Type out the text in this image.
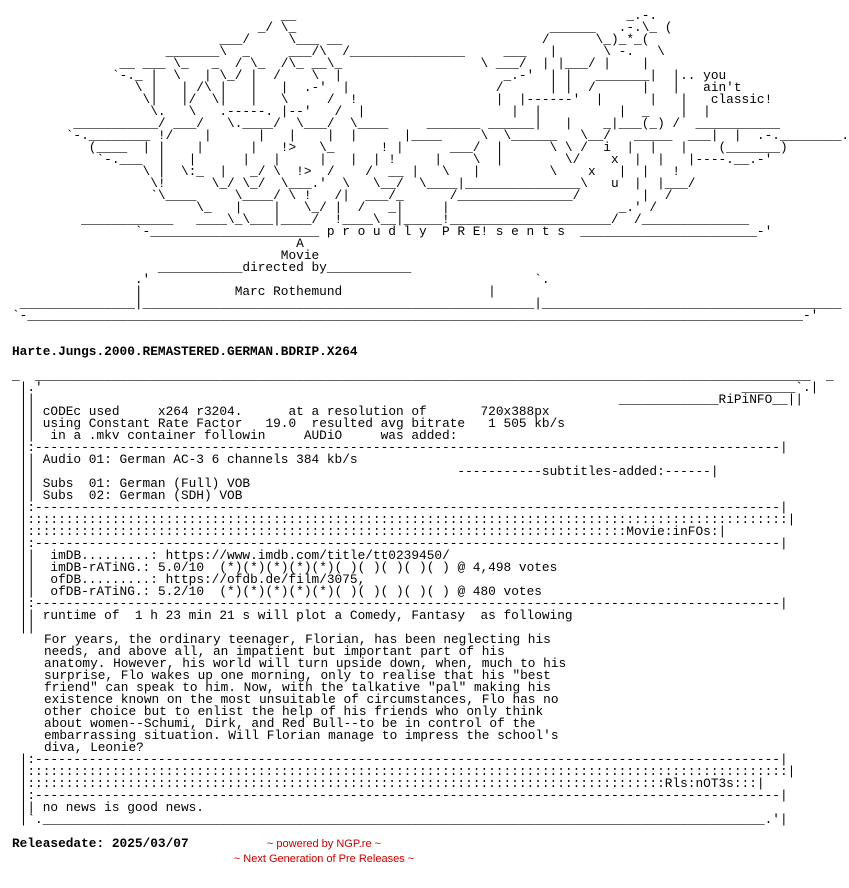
__                                           _.-.
_/ \_                                 ______   .-.\_ (
___/     \___ __                          /      \_)_*_(
_______\  _     ___/\  /_______________     ___   |      \ -.   \
__ ___ \_   _  / \_  /\_ __\_                  \ ___/  | |___/ |    |
`-._ |  \   | \_/ |  /    \  |                     _.-'  | |   _______|  |.. you
\ |   | /\ |   |   |  .-'  |                   /      | |  /      |   |   ain't
\|   |/  \|   |   \     /  !                  |  |------'  |      |   |   classic!
\.   \   .-----. |--'   /  |                   |  |          |  _    |  |
___________/ ___/   \.____/  \___/  \____     _______ ______|   |    _|___(_) /  ___________
`-.________ !/    |      |   |    |  |      |____     \  \______   \__/   _____  ___|  |  .-.________.
(____  | |    |      |   !>   \_      ! |      ___/  |      \ \ /  i  |  |   |    (_______)
`-.___  |   |      |   |     |   |  | !     |    \  |        \/    x  |  |   |----.__.-'
\ |  \:_  |   _/ \  !>  /    /  __ |   \   |         \    x   |  |   !
\!      \_/ \_/  \___.'  \   \__/  \____|_______________\   u  |  |___/
`\____     \____/ \ !   /|  ___/_      /_______________/        |  /
\_   |    |   \_/ |  /   _|     |                      _.' /
____________   ____\_\___|____/  !____\__|_____!_____________________/  /______________
`-______________________ p r o u d l y  P R E! s e n t s  _______________________-'
A
Movie
___________directed by___________
.'                                                  `.
|	Marc Rothemund	|
_______________|___________________________________________________|_______________________________________
`-_____________________________________________________________________________________________________-'

Harte.Jungs.2000.REMASTERED.GERMAN.BDRIP.X264

_  _____________________________________________________________________________________________________  _
|.'                                                                                           _______`.|
||                                                                            _____________RiPiNFO__||
|| cODEc used	x264 r3204.	at a resolution of	720x388px
|| using Constant Rate Factor 19.0 resulted avg bitrate 1 505 kb/s
||  in a .mkv container followin     AUDiO     was added:
|:-------------------------------------------------------------------------------------------------|
|| Audio 01: German AC-3 6 channels 384 kb/s
||                                                       -----------subtitles-added:------|
|| Subs  01: German (Full) VOB
|| Subs  02: German (SDH) VOB
|:-------------------------------------------------------------------------------------------------|
|:::::::::::::::::::::::::::::::::::::::::::::::::::::::::::::::::::::::::::::::::::::::::::::::::::|
|::::::::::::::::::::::::::::::::::::::::::::::::::::::::::::::::::::::::::::::Movie:inFOs:|
|:-------------------------------------------------------------------------------------------------|
||  imDB.........: https://www.imdb.com/title/tt0239450/
||  imDB-rATiNG.: 5.0/10 (*)(*)(*)(*)(*)( )( )( )( )( ) @ 4,498 votes
||  ofDB.........: https://ofdb.de/film/3075,
||  ofDB-rATiNG.: 5.2/10 (*)(*)(*)(*)(*)( )( )( )( )( ) @ 480 votes
|:-------------------------------------------------------------------------------------------------|
|| runtime of  1 h 23 min 21 s will plot a Comedy, Fantasy  as following
||

For years, the ordinary teenager, Florian, has been neglecting his
needs, and above all, an impatient but important part of his
anatomy. However, his world will turn upside down, when, much to his
surprise, Flo wakes up one morning, only to realise that his "best
friend" can speak to him. Now, with the talkative "pal" making his
existence known on the most unsuitable of circumstances, Flo has no
other choice but to enlist the help of his friends who only think
about women--Schumi, Dirk, and Red Bull--to be in control of the
embarrassing situation. Will Florian manage to impress the school's
diva, Leonie?
|:-------------------------------------------------------------------------------------------------|
|:::::::::::::::::::::::::::::::::::::::::::::::::::::::::::::::::::::::::::::::::::::::::::::::::::|
|:::::::::::::::::::::::::::::::::::::::::::::::::::::::::::::::::::::::::::::::::::Rls:nOT3s:::|
|:-------------------------------------------------------------------------------------------------|
|| no news is good news.
|`.______________________________________________________________________________________________.'|

Releasedate: 2025/03/07	~ powered by NGP.re ~
~ Next Generation of Pre Releases ~
